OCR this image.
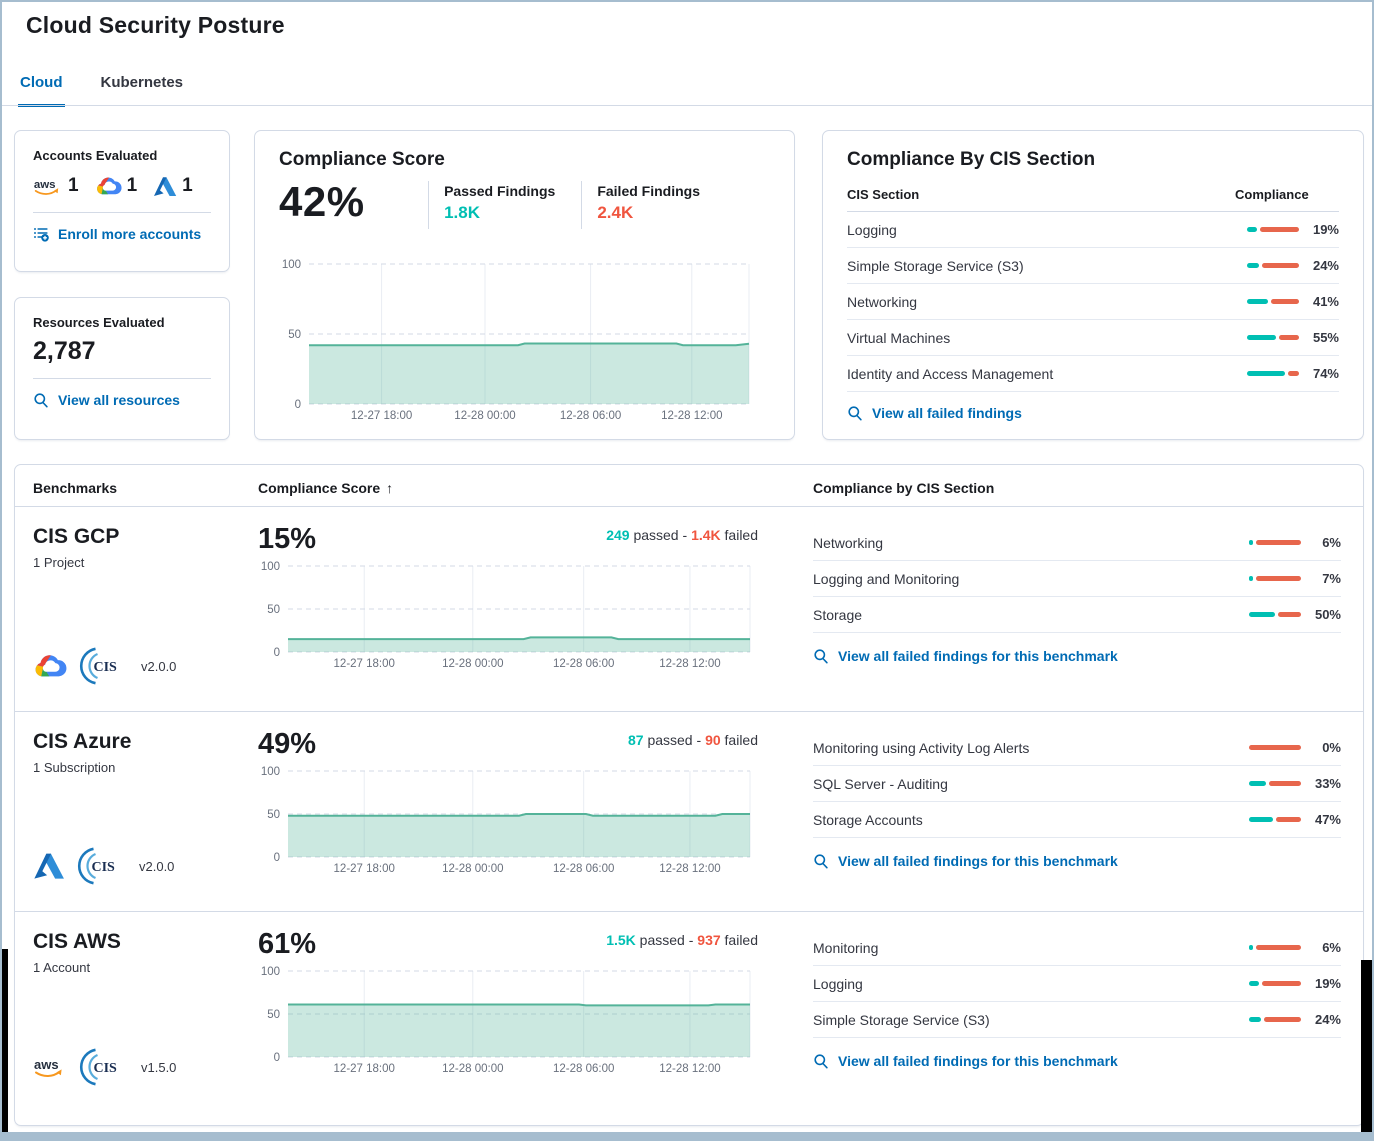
Cloud Security Posture
Cloud	Kubernetes
Accounts Evaluated
aws 1	1 1
Enroll more accounts
Resources Evaluated
2,787
View all resources
Compliance Score
42%	Passed Findings
1.8K
Failed Findings
2.4K
100
50
0
12-27 18:00	12-28 00:00	12-28 06:00	12-28 12:00
Compliance By CIS Section
CIS Section	Compliance
Logging	19%
Simple Storage Service (S3)	24%
Networking	41%
Virtual Machines	55%
Identity and Access Management	74%
View all failed findings
Benchmarks	Compliance Score ↑	Compliance by CIS Section
CIS GCP
1 Project
CIS v2.0.0
15%	249 passed - 1.4K failed
100
50
0
12-27 18:00	12-28 00:00	12-28 06:00	12-28 12:00
Networking	6%
Logging and Monitoring	7%
Storage	50%
View all failed findings for this benchmark
CIS Azure
1 Subscription
CIS v2.0.0
49%	87 passed - 90 failed
100
50
0
12-27 18:00	12-28 00:00	12-28 06:00	12-28 12:00
Monitoring using Activity Log Alerts	0%
SQL Server - Auditing	33%
Storage Accounts	47%
View all failed findings for this benchmark
CIS AWS
1 Account
aws CIS v1.5.0
61%	1.5K passed - 937 failed
100
50
0
12-27 18:00	12-28 00:00	12-28 06:00	12-28 12:00
Monitoring	6%
Logging	19%
Simple Storage Service (S3)	24%
View all failed findings for this benchmark
